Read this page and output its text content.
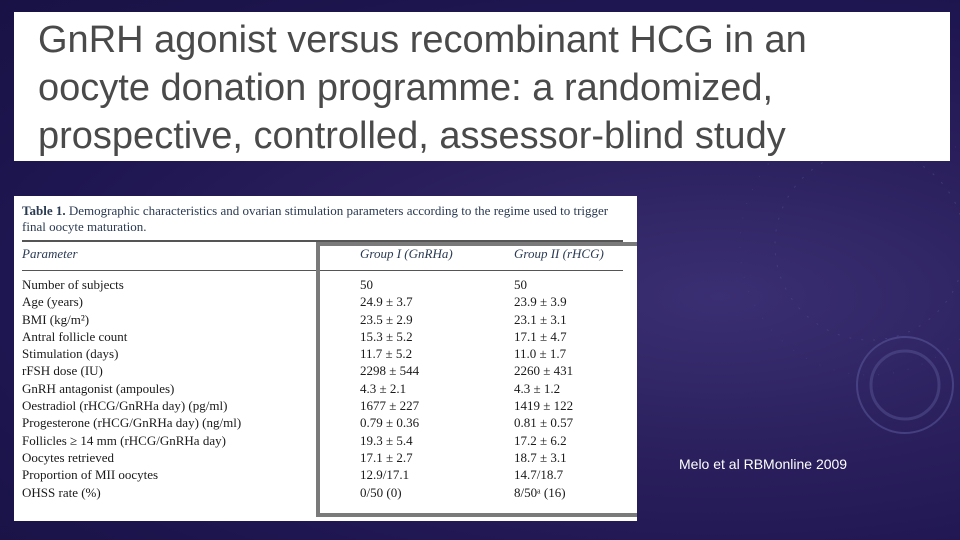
GnRH agonist versus recombinant HCG in an
oocyte donation programme: a randomized,
prospective, controlled, assessor-blind study
Table 1. Demographic characteristics and ovarian stimulation parameters according to the regime used to trigger final oocyte maturation.
Parameter	Group I (GnRHa)	Group II (rHCG)
Number of subjects	50	50
Age (years)	24.9 ± 3.7	23.9 ± 3.9
BMI (kg/m²)	23.5 ± 2.9	23.1 ± 3.1
Antral follicle count	15.3 ± 5.2	17.1 ± 4.7
Stimulation (days)	11.7 ± 5.2	11.0 ± 1.7
rFSH dose (IU)	2298 ± 544	2260 ± 431
GnRH antagonist (ampoules)	4.3 ± 2.1	4.3 ± 1.2
Oestradiol (rHCG/GnRHa day) (pg/ml)	1677 ± 227	1419 ± 122
Progesterone (rHCG/GnRHa day) (ng/ml)	0.79 ± 0.36	0.81 ± 0.57
Follicles ≥ 14 mm (rHCG/GnRHa day)	19.3 ± 5.4	17.2 ± 6.2
Oocytes retrieved	17.1 ± 2.7	18.7 ± 3.1
Proportion of MII oocytes	12.9/17.1	14.7/18.7
OHSS rate (%)	0/50 (0)	8/50ᵃ (16)
Melo et al RBMonline 2009
